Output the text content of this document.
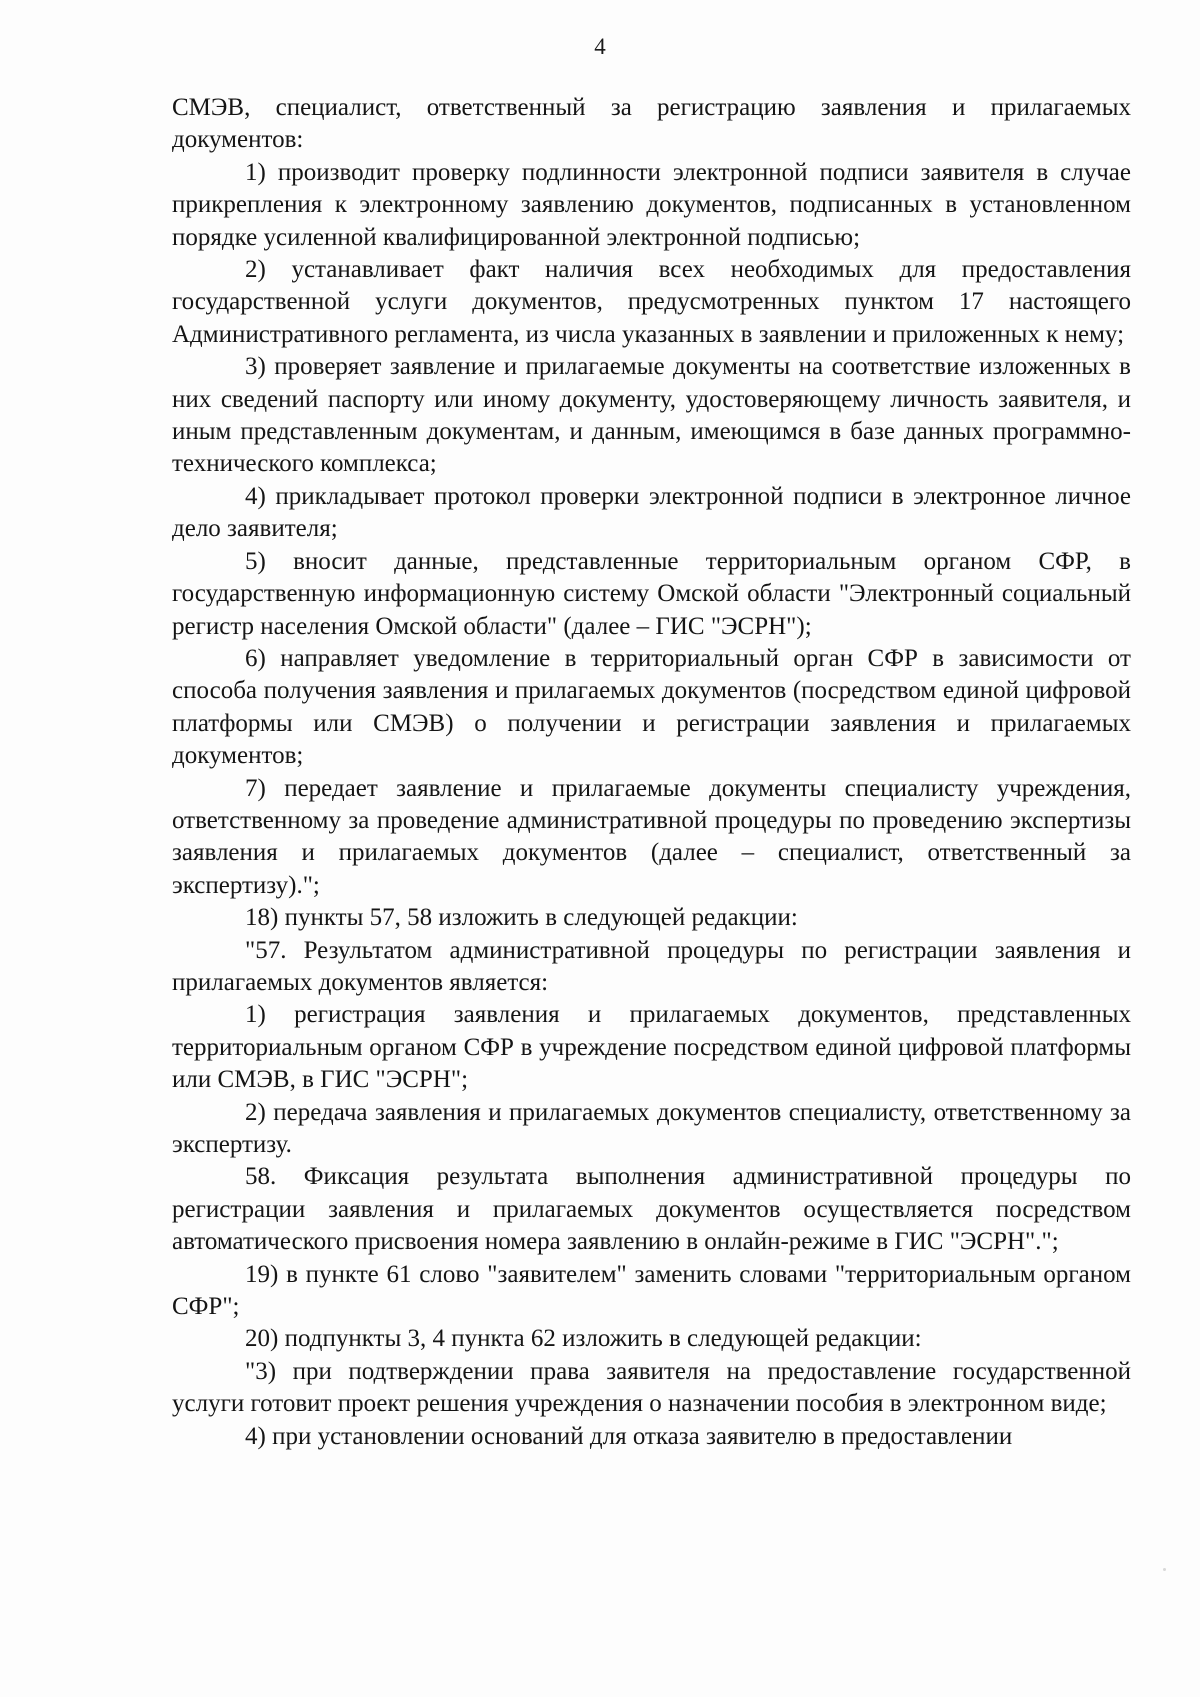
4

СМЭВ, специалист, ответственный за регистрацию заявления и прилагаемых документов:

1) производит проверку подлинности электронной подписи заявителя в случае прикрепления к электронному заявлению документов, подписанных в установленном порядке усиленной квалифицированной электронной подписью;

2) устанавливает факт наличия всех необходимых для предоставления государственной услуги документов, предусмотренных пунктом 17 настоящего Административного регламента, из числа указанных в заявлении и приложенных к нему;

3) проверяет заявление и прилагаемые документы на соответствие изложенных в них сведений паспорту или иному документу, удостоверяющему личность заявителя, и иным представленным документам, и данным, имеющимся в базе данных программно-технического комплекса;

4) прикладывает протокол проверки электронной подписи в электронное личное дело заявителя;

5) вносит данные, представленные территориальным органом СФР, в государственную информационную систему Омской области "Электронный социальный регистр населения Омской области" (далее – ГИС "ЭСРН");

6) направляет уведомление в территориальный орган СФР в зависимости от способа получения заявления и прилагаемых документов (посредством единой цифровой платформы или СМЭВ) о получении и регистрации заявления и прилагаемых документов;

7) передает заявление и прилагаемые документы специалисту учреждения, ответственному за проведение административной процедуры по проведению экспертизы заявления и прилагаемых документов (далее – специалист, ответственный за экспертизу).";

18) пункты 57, 58 изложить в следующей редакции:

"57. Результатом административной процедуры по регистрации заявления и прилагаемых документов является:

1) регистрация заявления и прилагаемых документов, представленных территориальным органом СФР в учреждение посредством единой цифровой платформы или СМЭВ, в ГИС "ЭСРН";

2) передача заявления и прилагаемых документов специалисту, ответственному за экспертизу.

58. Фиксация результата выполнения административной процедуры по регистрации заявления и прилагаемых документов осуществляется посредством автоматического присвоения номера заявлению в онлайн-режиме в ГИС "ЭСРН".";

19) в пункте 61 слово "заявителем" заменить словами "территориальным органом СФР";

20) подпункты 3, 4 пункта 62 изложить в следующей редакции:

"3) при подтверждении права заявителя на предоставление государственной услуги готовит проект решения учреждения о назначении пособия в электронном виде;

4) при установлении оснований для отказа заявителю в предоставлении
